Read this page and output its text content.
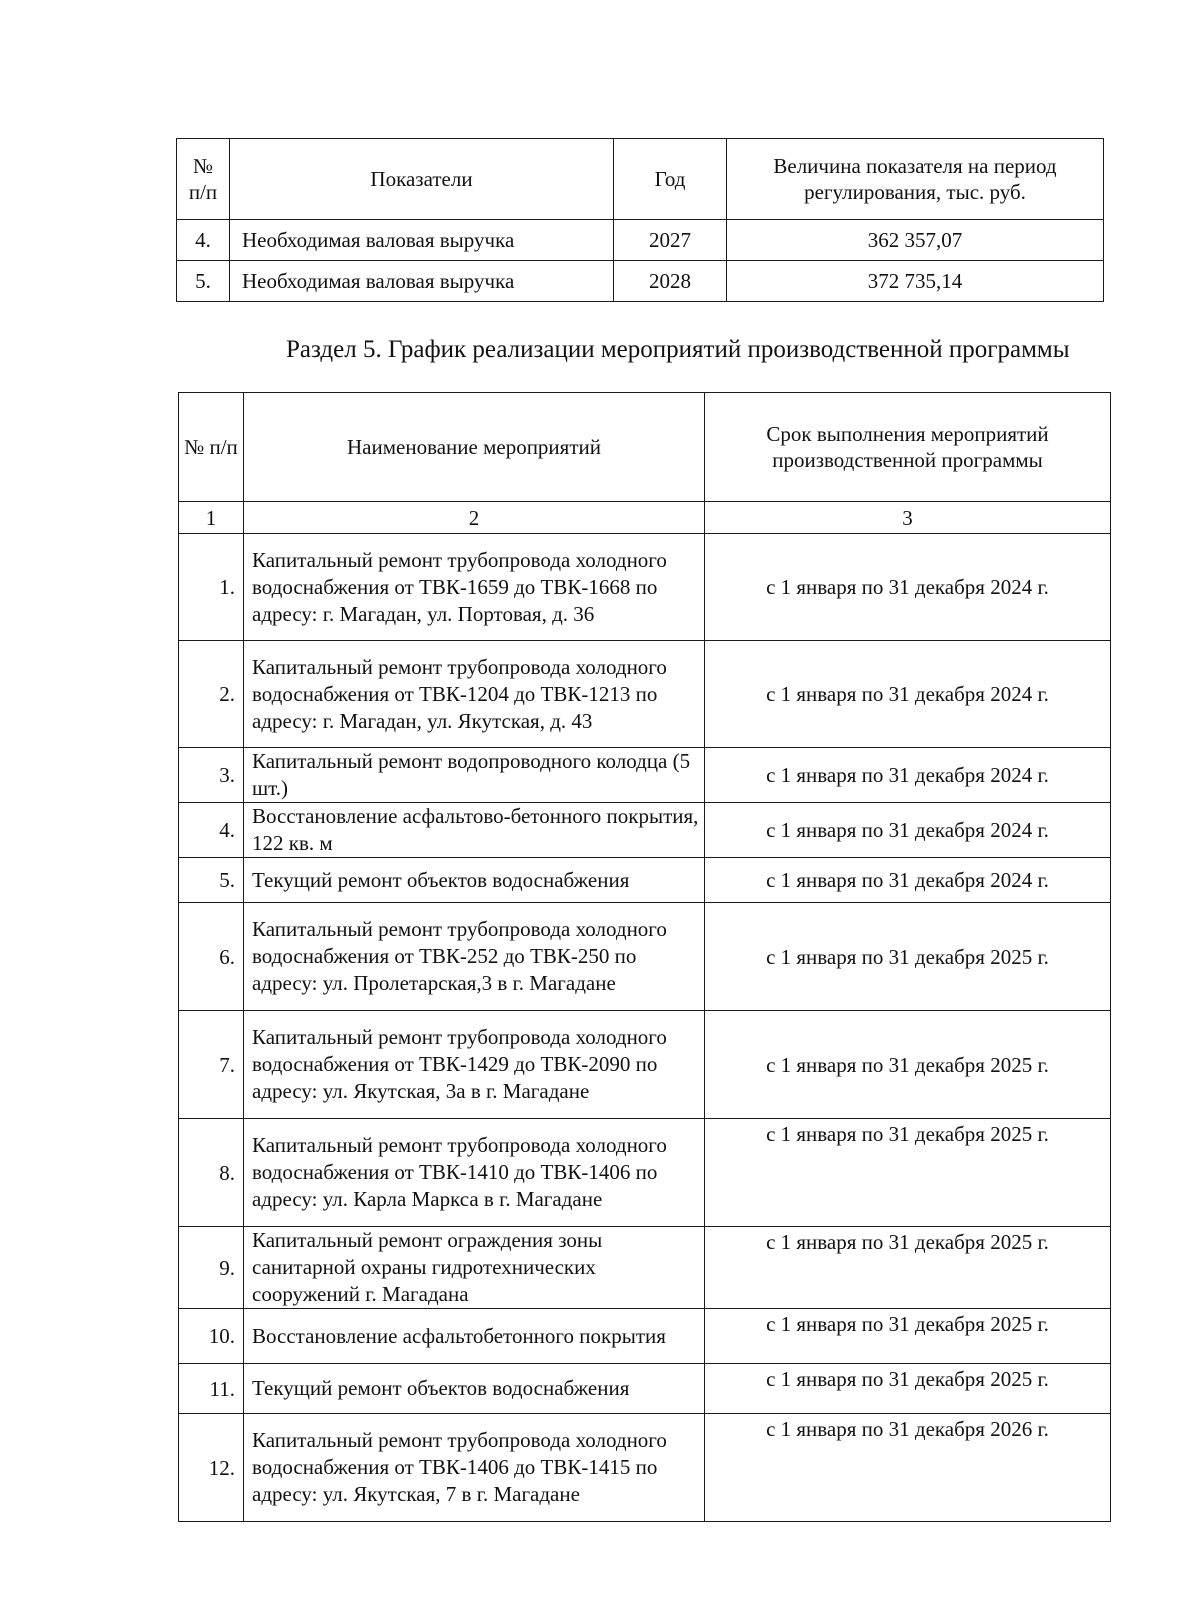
№ п/п	Показатели	Год	Величина показателя на период регулирования, тыс. руб.
4.	Необходимая валовая выручка	2027	362 357,07
5.	Необходимая валовая выручка	2028	372 735,14
Раздел 5. График реализации мероприятий производственной программы
№ п/п	Наименование мероприятий	Срок выполнения мероприятий производственной программы
1	2	3
1.	Капитальный ремонт трубопровода холодного водоснабжения от ТВК-1659 до ТВК-1668 по адресу: г. Магадан, ул. Портовая, д. 36	с 1 января по 31 декабря 2024 г.
2.	Капитальный ремонт трубопровода холодного водоснабжения от ТВК-1204 до ТВК-1213 по адресу: г. Магадан, ул. Якутская, д. 43	с 1 января по 31 декабря 2024 г.
3.	Капитальный ремонт водопроводного колодца (5 шт.)	с 1 января по 31 декабря 2024 г.
4.	Восстановление асфальтово-бетонного покрытия, 122 кв. м	с 1 января по 31 декабря 2024 г.
5.	Текущий ремонт объектов водоснабжения	с 1 января по 31 декабря 2024 г.
6.	Капитальный ремонт трубопровода холодного водоснабжения от ТВК-252 до ТВК-250 по адресу: ул. Пролетарская,3 в г. Магадане	с 1 января по 31 декабря 2025 г.
7.	Капитальный ремонт трубопровода холодного водоснабжения от ТВК-1429 до ТВК-2090 по адресу: ул. Якутская, 3а в г. Магадане	с 1 января по 31 декабря 2025 г.
8.	Капитальный ремонт трубопровода холодного водоснабжения от ТВК-1410 до ТВК-1406 по адресу: ул. Карла Маркса в г. Магадане	с 1 января по 31 декабря 2025 г.
9.	Капитальный ремонт ограждения зоны санитарной охраны гидротехнических сооружений г. Магадана	с 1 января по 31 декабря 2025 г.
10.	Восстановление асфальтобетонного покрытия	с 1 января по 31 декабря 2025 г.
11.	Текущий ремонт объектов водоснабжения	с 1 января по 31 декабря 2025 г.
12.	Капитальный ремонт трубопровода холодного водоснабжения от ТВК-1406 до ТВК-1415 по адресу: ул. Якутская, 7 в г. Магадане	с 1 января по 31 декабря 2026 г.
